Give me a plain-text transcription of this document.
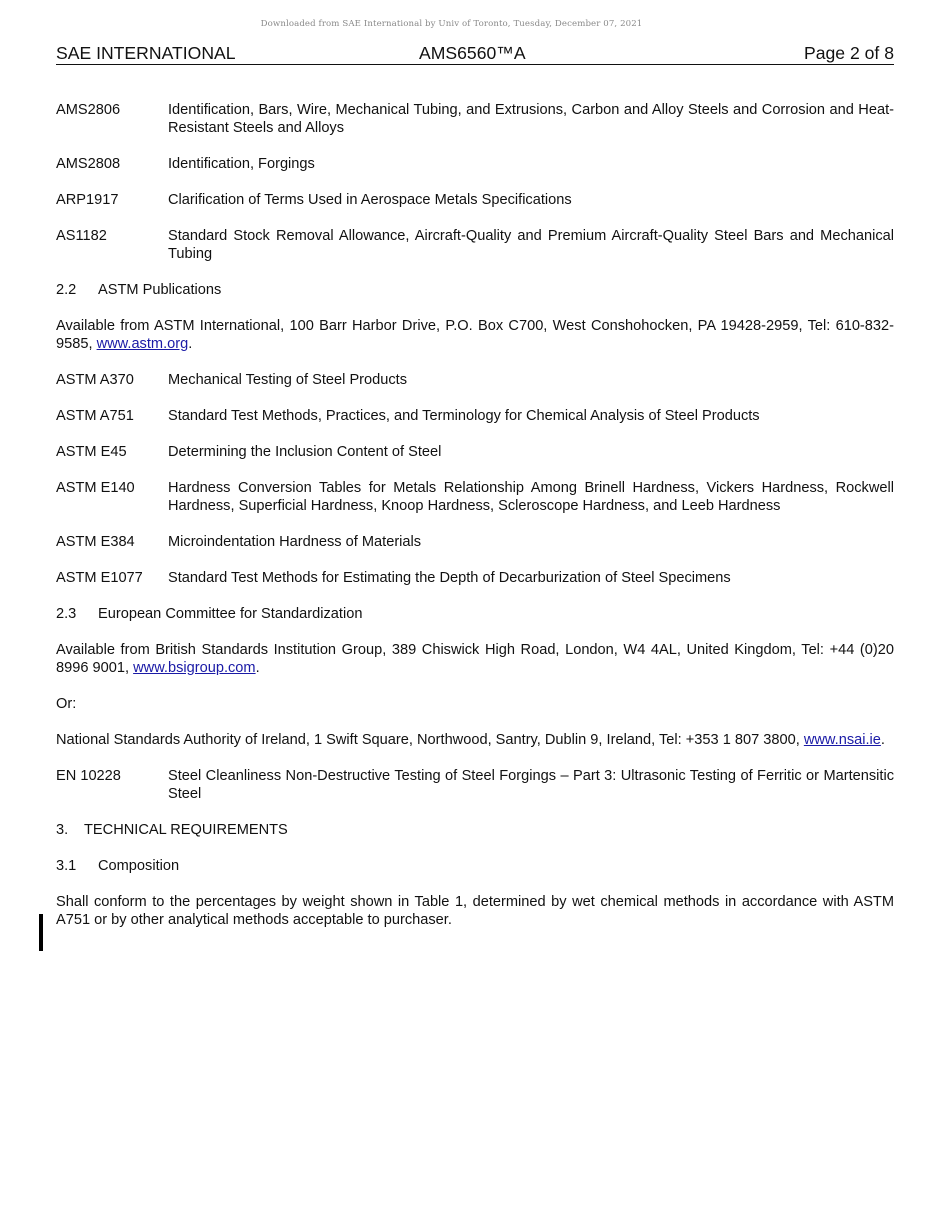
Downloaded from SAE International by Univ of Toronto, Tuesday, December 07, 2021
SAE INTERNATIONAL	AMS6560™A	Page 2 of 8
AMS2806	Identification, Bars, Wire, Mechanical Tubing, and Extrusions, Carbon and Alloy Steels and Corrosion and Heat-Resistant Steels and Alloys
AMS2808	Identification, Forgings
ARP1917	Clarification of Terms Used in Aerospace Metals Specifications
AS1182	Standard Stock Removal Allowance, Aircraft-Quality and Premium Aircraft-Quality Steel Bars and Mechanical Tubing
2.2 ASTM Publications
Available from ASTM International, 100 Barr Harbor Drive, P.O. Box C700, West Conshohocken, PA 19428-2959, Tel: 610-832-9585, www.astm.org.
ASTM A370	Mechanical Testing of Steel Products
ASTM A751	Standard Test Methods, Practices, and Terminology for Chemical Analysis of Steel Products
ASTM E45	Determining the Inclusion Content of Steel
ASTM E140	Hardness Conversion Tables for Metals Relationship Among Brinell Hardness, Vickers Hardness, Rockwell Hardness, Superficial Hardness, Knoop Hardness, Scleroscope Hardness, and Leeb Hardness
ASTM E384	Microindentation Hardness of Materials
ASTM E1077	Standard Test Methods for Estimating the Depth of Decarburization of Steel Specimens
2.3 European Committee for Standardization
Available from British Standards Institution Group, 389 Chiswick High Road, London, W4 4AL, United Kingdom, Tel: +44 (0)20 8996 9001, www.bsigroup.com.
Or:
National Standards Authority of Ireland, 1 Swift Square, Northwood, Santry, Dublin 9, Ireland, Tel: +353 1 807 3800, www.nsai.ie.
EN 10228	Steel Cleanliness Non-Destructive Testing of Steel Forgings – Part 3: Ultrasonic Testing of Ferritic or Martensitic Steel
3. TECHNICAL REQUIREMENTS
3.1 Composition
Shall conform to the percentages by weight shown in Table 1, determined by wet chemical methods in accordance with ASTM A751 or by other analytical methods acceptable to purchaser.
